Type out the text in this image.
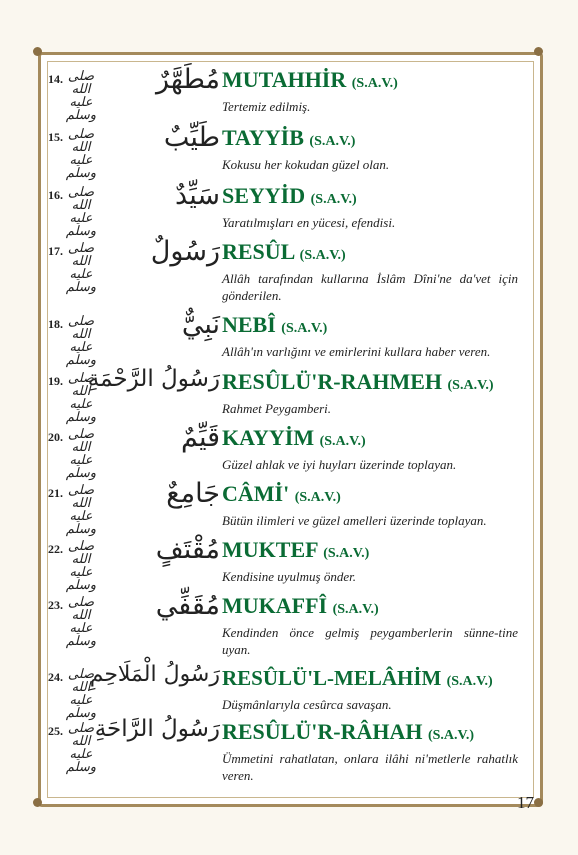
14. صلى الله عليه وسلم
مُطَهَّرٌ MUTAHHİR (S.A.V.)
Tertemiz edilmiş.
15. صلى الله عليه وسلم
طَيِّبٌ TAYYİB (S.A.V.)
Kokusu her kokudan güzel olan.
16. صلى الله عليه وسلم
سَيِّدٌ SEYYİD (S.A.V.)
Yaratılmışları en yücesi, efendisi.
17. صلى الله عليه وسلم
رَسُولٌ RESÛL (S.A.V.)
Allâh tarafından kullarına İslâm Dîni'ne da'vet için gönderilen.
18. صلى الله عليه وسلم
نَبِيٌّ NEBÎ (S.A.V.)
Allâh'ın varlığını ve emirlerini kullara haber veren.
19. صلى الله عليه وسلم
رَسُولُ الرَّحْمَةِ RESÛLÜ'R-RAHMEH (S.A.V.)
Rahmet Peygamberi.
20. صلى الله عليه وسلم
قَيِّمٌ KAYYİM (S.A.V.)
Güzel ahlak ve iyi huyları üzerinde toplayan.
21. صلى الله عليه وسلم
جَامِعٌ CÂMİ' (S.A.V.)
Bütün ilimleri ve güzel amelleri üzerinde toplayan.
22. صلى الله عليه وسلم
مُقْتَفٍ MUKTEF (S.A.V.)
Kendisine uyulmuş önder.
23. صلى الله عليه وسلم
مُقَفِّي MUKAFFÎ (S.A.V.)
Kendinden önce gelmiş peygamberlerin sünne-tine uyan.
24. صلى الله عليه وسلم
رَسُولُ الْمَلَاحِمِ RESÛLÜ'L-MELÂHİM (S.A.V.)
Düşmânlarıyla cesûrca savaşan.
25. صلى الله عليه وسلم
رَسُولُ الرَّاحَةِ RESÛLÜ'R-RÂHAH (S.A.V.)
Ümmetini rahatlatan, onlara ilâhi ni'metlerle rahatlık veren.
17
